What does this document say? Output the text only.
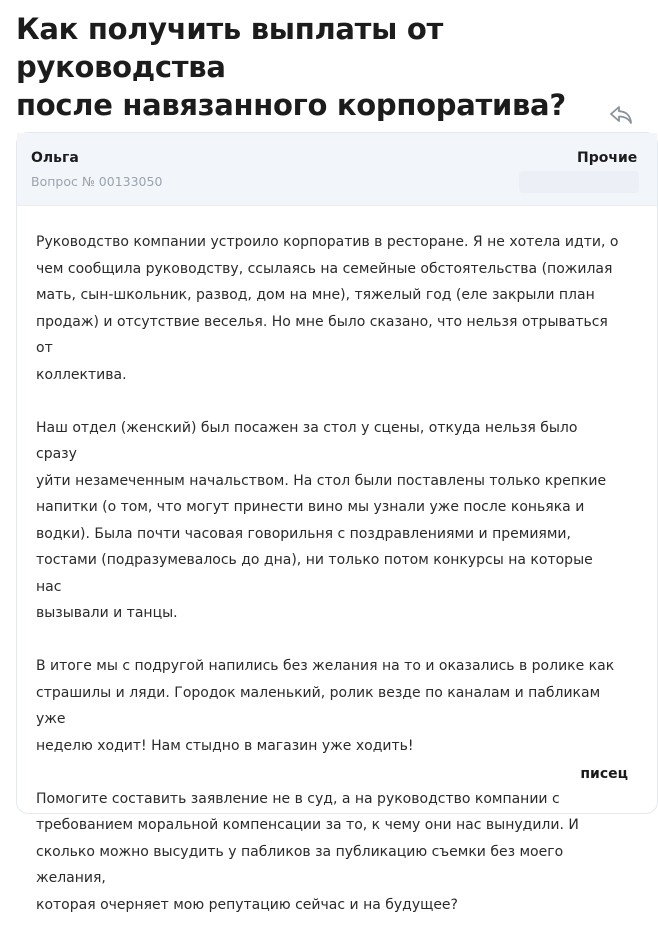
Как получить выплаты от руководства
после навязанного корпоратива?
Ольга
Вопрос № 00133050
Прочие

Руководство компании устроило корпоратив в ресторане. Я не хотела идти, о
чем сообщила руководству, ссылаясь на семейные обстоятельства (пожилая
мать, сын-школьник, развод, дом на мне), тяжелый год (еле закрыли план
продаж) и отсутствие веселья. Но мне было сказано, что нельзя отрываться от
коллектива.

Наш отдел (женский) был посажен за стол у сцены, откуда нельзя было сразу
уйти незамеченным начальством. На стол были поставлены только крепкие
напитки (о том, что могут принести вино мы узнали уже после коньяка и
водки). Была почти часовая говорильня с поздравлениями и премиями,
тостами (подразумевалось до дна), ни только потом конкурсы на которые нас
вызывали и танцы.

В итоге мы с подругой напились без желания на то и оказались в ролике как
страшилы и ляди. Городок маленький, ролик везде по каналам и пабликам уже
неделю ходит! Нам стыдно в магазин уже ходить!

Помогите составить заявление не в суд, а на руководство компании с
требованием моральной компенсации за то, к чему они нас вынудили. И
сколько можно высудить у пабликов за публикацию съемки без моего желания,
которая очерняет мою репутацию сейчас и на будущее?

писец
